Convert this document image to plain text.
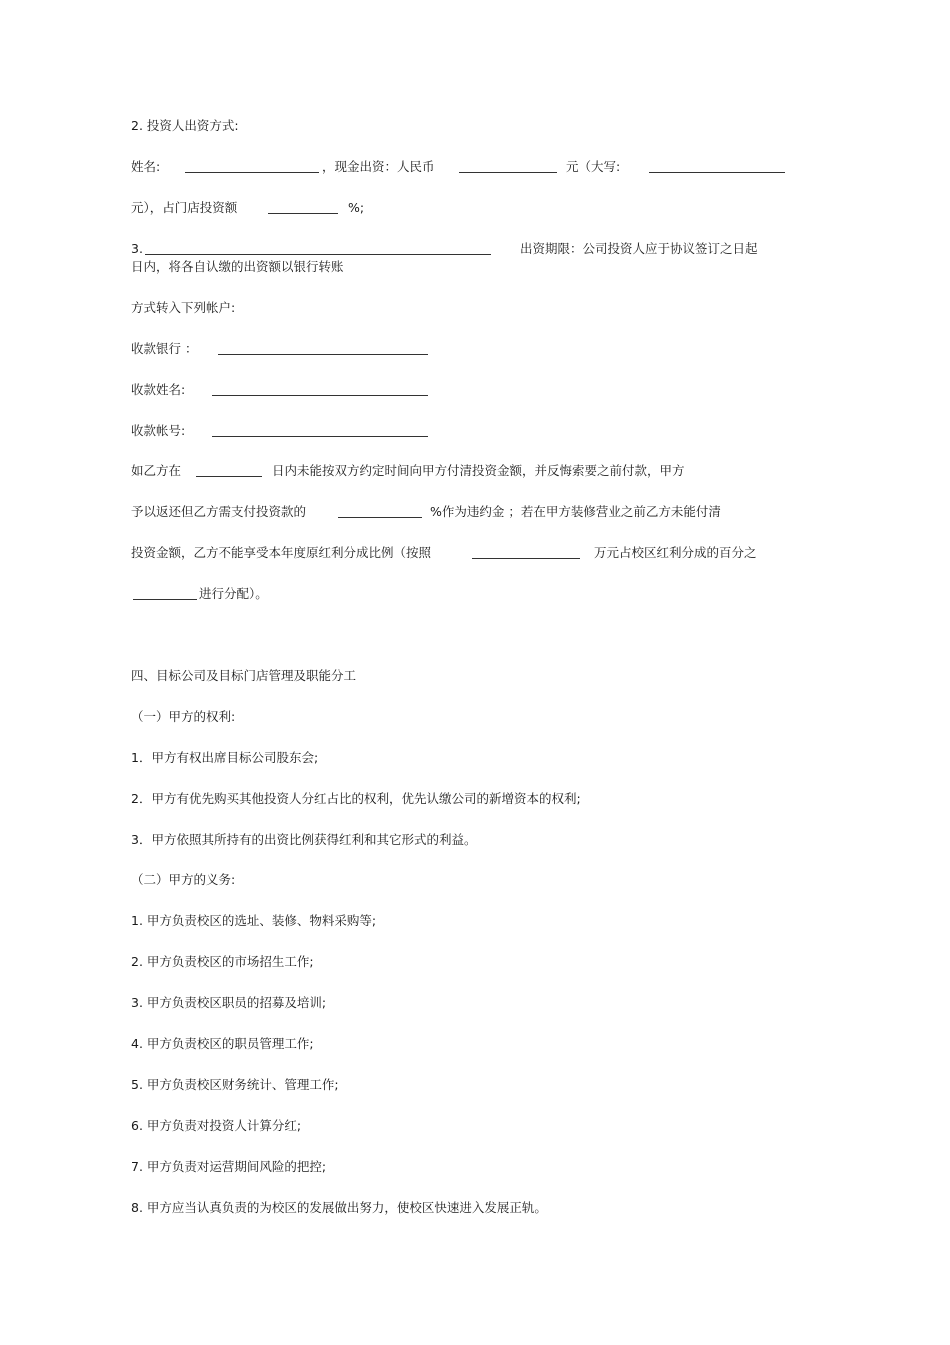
2. 投资人出资方式:
姓名:	，现金出资：人民币	元（大写:
元），占门店投资额	%;
3.	出资期限：公司投资人应于协议签订之日起
日内，将各自认缴的出资额以银行转账
方式转入下列帐户:
收款银行 ：
收款姓名:
收款帐号:
如乙方在	日内未能按双方约定时间向甲方付清投资金额，并反悔索要之前付款，甲方
予以返还但乙方需支付投资款的	%作为违约金 ；若在甲方装修营业之前乙方未能付清
投资金额，乙方不能享受本年度原红利分成比例（按照	万元占校区红利分成的百分之
进行分配）。
四、目标公司及目标门店管理及职能分工
（一）甲方的权利:
1．甲方有权出席目标公司股东会;
2．甲方有优先购买其他投资人分红占比的权利，优先认缴公司的新增资本的权利;
3．甲方依照其所持有的出资比例获得红利和其它形式的利益。
（二）甲方的义务:
1. 甲方负责校区的选址、装修、物料采购等;
2. 甲方负责校区的市场招生工作;
3. 甲方负责校区职员的招募及培训;
4. 甲方负责校区的职员管理工作;
5. 甲方负责校区财务统计、管理工作;
6. 甲方负责对投资人计算分红;
7. 甲方负责对运营期间风险的把控;
8. 甲方应当认真负责的为校区的发展做出努力，使校区快速进入发展正轨。
